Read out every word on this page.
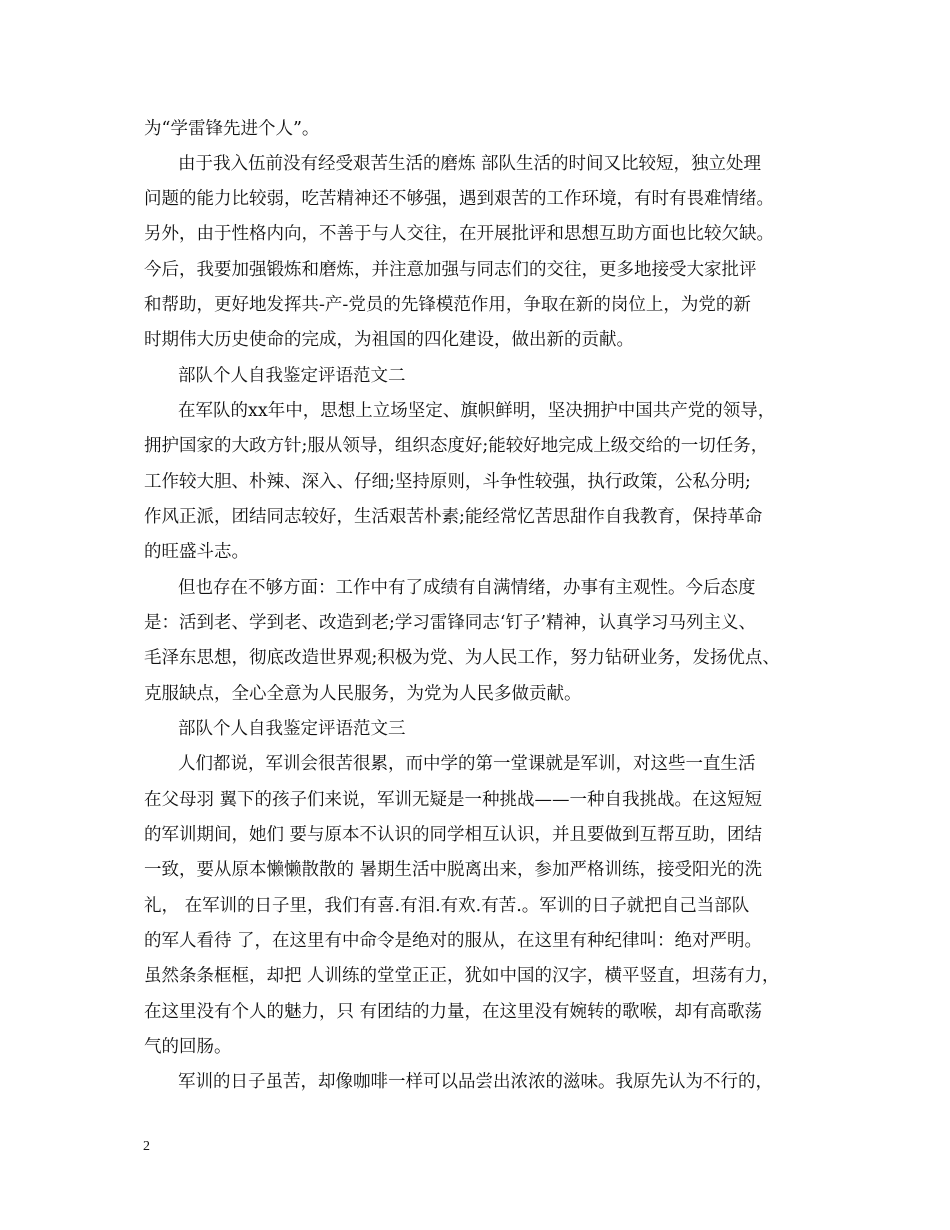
为“学雷锋先进个人”。
由于我入伍前没有经受艰苦生活的磨炼 部队生活的时间又比较短，独立处理
问题的能力比较弱，吃苦精神还不够强，遇到艰苦的工作环境，有时有畏难情绪。
另外，由于性格内向，不善于与人交往，在开展批评和思想互助方面也比较欠缺。
今后，我要加强锻炼和磨炼，并注意加强与同志们的交往，更多地接受大家批评
和帮助，更好地发挥共-产-党员的先锋模范作用，争取在新的岗位上，为党的新
时期伟大历史使命的完成，为祖国的四化建设，做出新的贡献。
部队个人自我鉴定评语范文二
在军队的xx年中，思想上立场坚定、旗帜鲜明，坚决拥护中国共产党的领导，
拥护国家的大政方针;服从领导，组织态度好;能较好地完成上级交给的一切任务，
工作较大胆、朴辣、深入、仔细;坚持原则，斗争性较强，执行政策，公私分明;
作风正派，团结同志较好，生活艰苦朴素;能经常忆苦思甜作自我教育，保持革命
的旺盛斗志。
但也存在不够方面：工作中有了成绩有自满情绪，办事有主观性。今后态度
是：活到老、学到老、改造到老;学习雷锋同志‘钉子’精神，认真学习马列主义、
毛泽东思想，彻底改造世界观;积极为党、为人民工作，努力钻研业务，发扬优点、
克服缺点，全心全意为人民服务，为党为人民多做贡献。
部队个人自我鉴定评语范文三
人们都说，军训会很苦很累，而中学的第一堂课就是军训，对这些一直生活
在父母羽 翼下的孩子们来说，军训无疑是一种挑战——一种自我挑战。在这短短
的军训期间，她们 要与原本不认识的同学相互认识，并且要做到互帮互助，团结
一致，要从原本懒懒散散的 暑期生活中脱离出来，参加严格训练，接受阳光的洗
礼， 在军训的日子里，我们有喜.有泪.有欢.有苦.。军训的日子就把自己当部队
的军人看待 了，在这里有中命令是绝对的服从，在这里有种纪律叫：绝对严明。
虽然条条框框，却把 人训练的堂堂正正，犹如中国的汉字，横平竖直，坦荡有力，
在这里没有个人的魅力，只 有团结的力量，在这里没有婉转的歌喉，却有高歌荡
气的回肠。
军训的日子虽苦，却像咖啡一样可以品尝出浓浓的滋味。我原先认为不行的，
2
